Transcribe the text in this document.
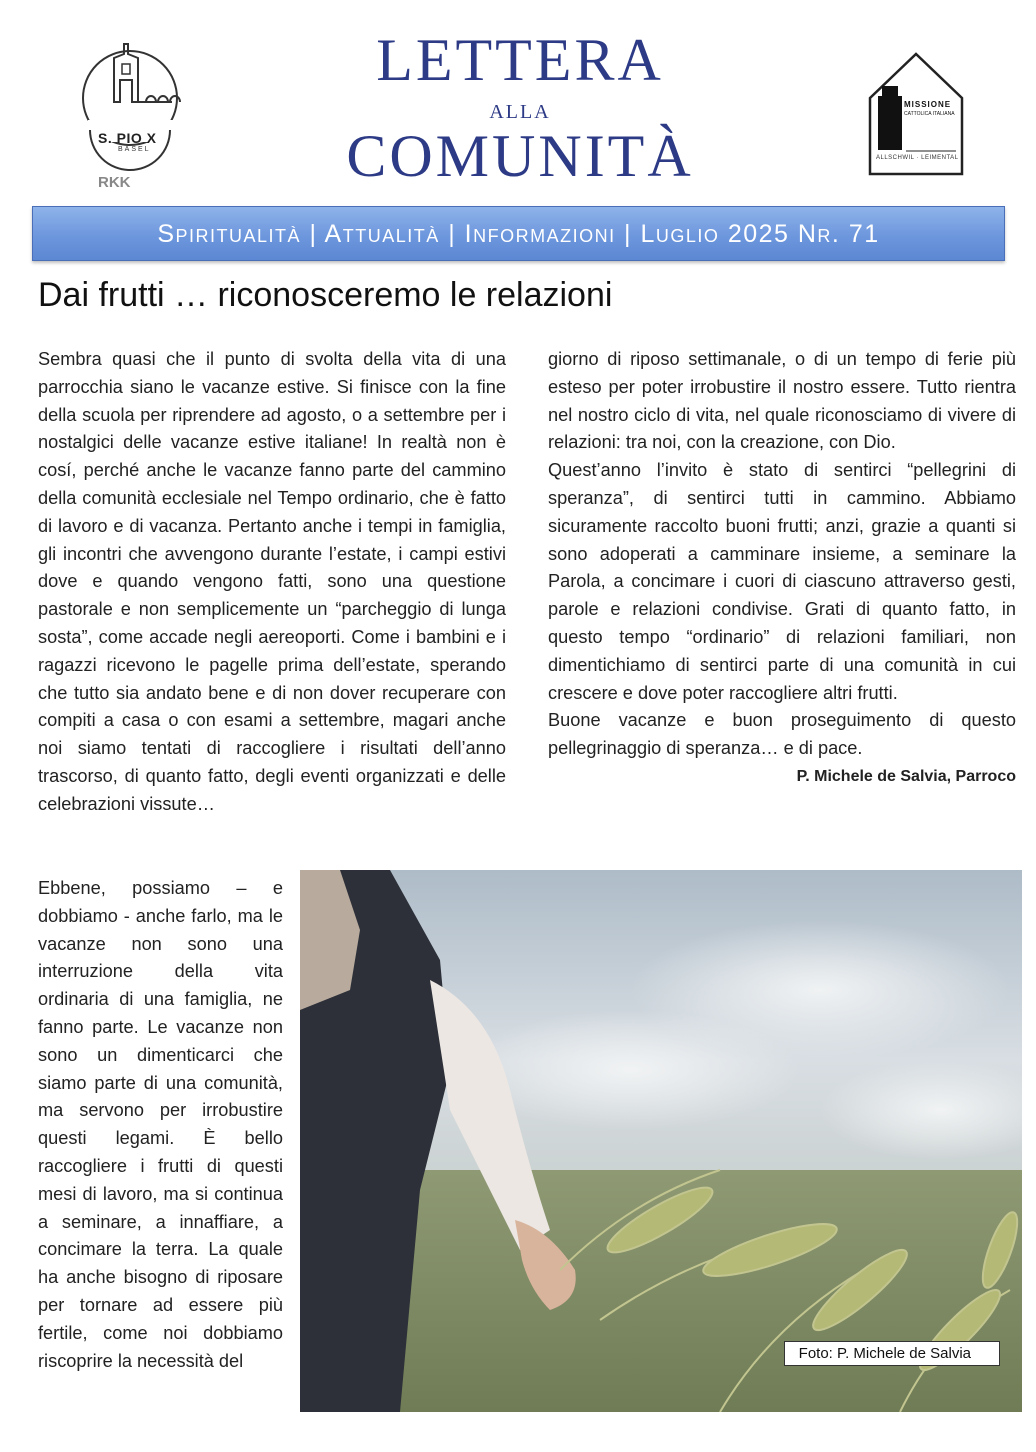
S. PIO X
BASEL
RKK
LETTERA
ALLA
COMUNITÀ
MISSIONE
CATTOLICA ITALIANA
ALLSCHWIL · LEIMENTAL
Spiritualità | Attualità | Informazioni | Luglio 2025 Nr. 71
Dai frutti … riconosceremo le relazioni

Sembra quasi che il punto di svolta della vita di una parrocchia siano le vacanze estive. Si finisce con la fine della scuola per riprendere ad agosto, o a settembre per i nostalgici delle vacanze estive italiane! In realtà non è cosí, perché anche le vacanze fanno parte del cammino della comunità ecclesiale nel Tempo ordinario, che è fatto di lavoro e di vacanza. Pertanto anche i tempi in famiglia, gli incontri che avvengono durante l’estate, i campi estivi dove e quando vengono fatti, sono una questione pastorale e non semplicemente un “parcheggio di lunga sosta”, come accade negli aereoporti. Come i bambini e i ragazzi ricevono le pagelle prima dell’estate, sperando che tutto sia andato bene e di non dover recuperare con compiti a casa o con esami a settembre, magari anche noi siamo tentati di raccogliere i risultati dell’anno trascorso, di quanto fatto, degli eventi organizzati e delle celebrazioni vissute…

Ebbene, possiamo – e dobbiamo - anche farlo, ma le vacanze non sono una interruzione della vita ordinaria di una famiglia, ne fanno parte. Le vacanze non sono un dimenticarci che siamo parte di una comunità, ma servono per irrobustire questi legami. È bello raccogliere i frutti di questi mesi di lavoro, ma si continua a seminare, a innaffiare, a concimare la terra. La quale ha anche bisogno di riposare per tornare ad essere più fertile, come noi dobbiamo riscoprire la necessità del

giorno di riposo settimanale, o di un tempo di ferie più esteso per poter irrobustire il nostro essere. Tutto rientra nel nostro ciclo di vita, nel quale riconosciamo di vivere di relazioni: tra noi, con la creazione, con Dio.

Quest’anno l’invito è stato di sentirci “pellegrini di speranza”, di sentirci tutti in cammino. Abbiamo sicuramente raccolto buoni frutti; anzi, grazie a quanti si sono adoperati a camminare insieme, a seminare la Parola, a concimare i cuori di ciascuno attraverso gesti, parole e relazioni condivise. Grati di quanto fatto, in questo tempo “ordinario” di relazioni familiari, non dimentichiamo di sentirci parte di una comunità in cui crescere e dove poter raccogliere altri frutti.

Buone vacanze e buon proseguimento di questo pellegrinaggio di speranza… e di pace.

P. Michele de Salvia, Parroco
Foto: P. Michele de Salvia
